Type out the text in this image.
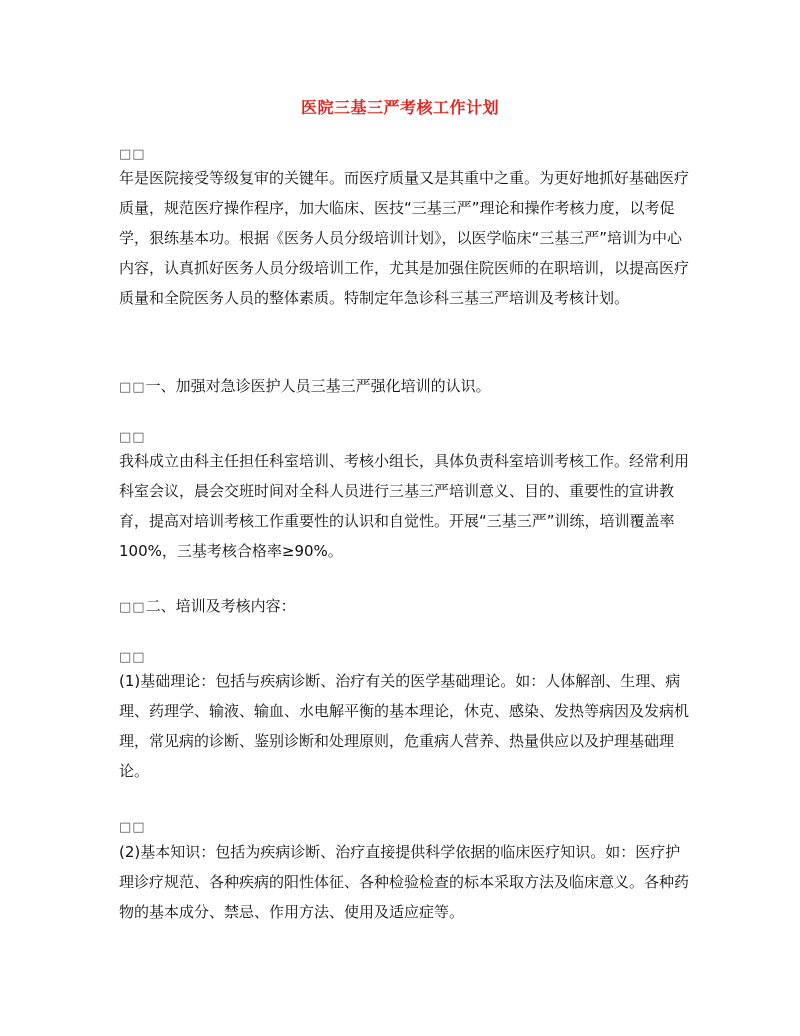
医院三基三严考核工作计划
□□

年是医院接受等级复审的关键年。而医疗质量又是其重中之重。为更好地抓好基础医疗质量，规范医疗操作程序，加大临床、医技“三基三严”理论和操作考核力度，以考促学，狠练基本功。根据《医务人员分级培训计划》，以医学临床“三基三严”培训为中心内容，认真抓好医务人员分级培训工作，尤其是加强住院医师的在职培训，以提高医疗质量和全院医务人员的整体素质。特制定年急诊科三基三严培训及考核计划。

□□一、加强对急诊医护人员三基三严强化培训的认识。
□□

我科成立由科主任担任科室培训、考核小组长，具体负责科室培训考核工作。经常利用科室会议，晨会交班时间对全科人员进行三基三严培训意义、目的、重要性的宣讲教育，提高对培训考核工作重要性的认识和自觉性。开展“三基三严”训练，培训覆盖率100%，三基考核合格率≥90%。

□□二、培训及考核内容：
□□

(1)基础理论：包括与疾病诊断、治疗有关的医学基础理论。如：人体解剖、生理、病理、药理学、输液、输血、水电解平衡的基本理论，休克、感染、发热等病因及发病机理，常见病的诊断、鉴别诊断和处理原则，危重病人营养、热量供应以及护理基础理论。

□□

(2)基本知识：包括为疾病诊断、治疗直接提供科学依据的临床医疗知识。如：医疗护理诊疗规范、各种疾病的阳性体征、各种检验检查的标本采取方法及临床意义。各种药物的基本成分、禁忌、作用方法、使用及适应症等。
